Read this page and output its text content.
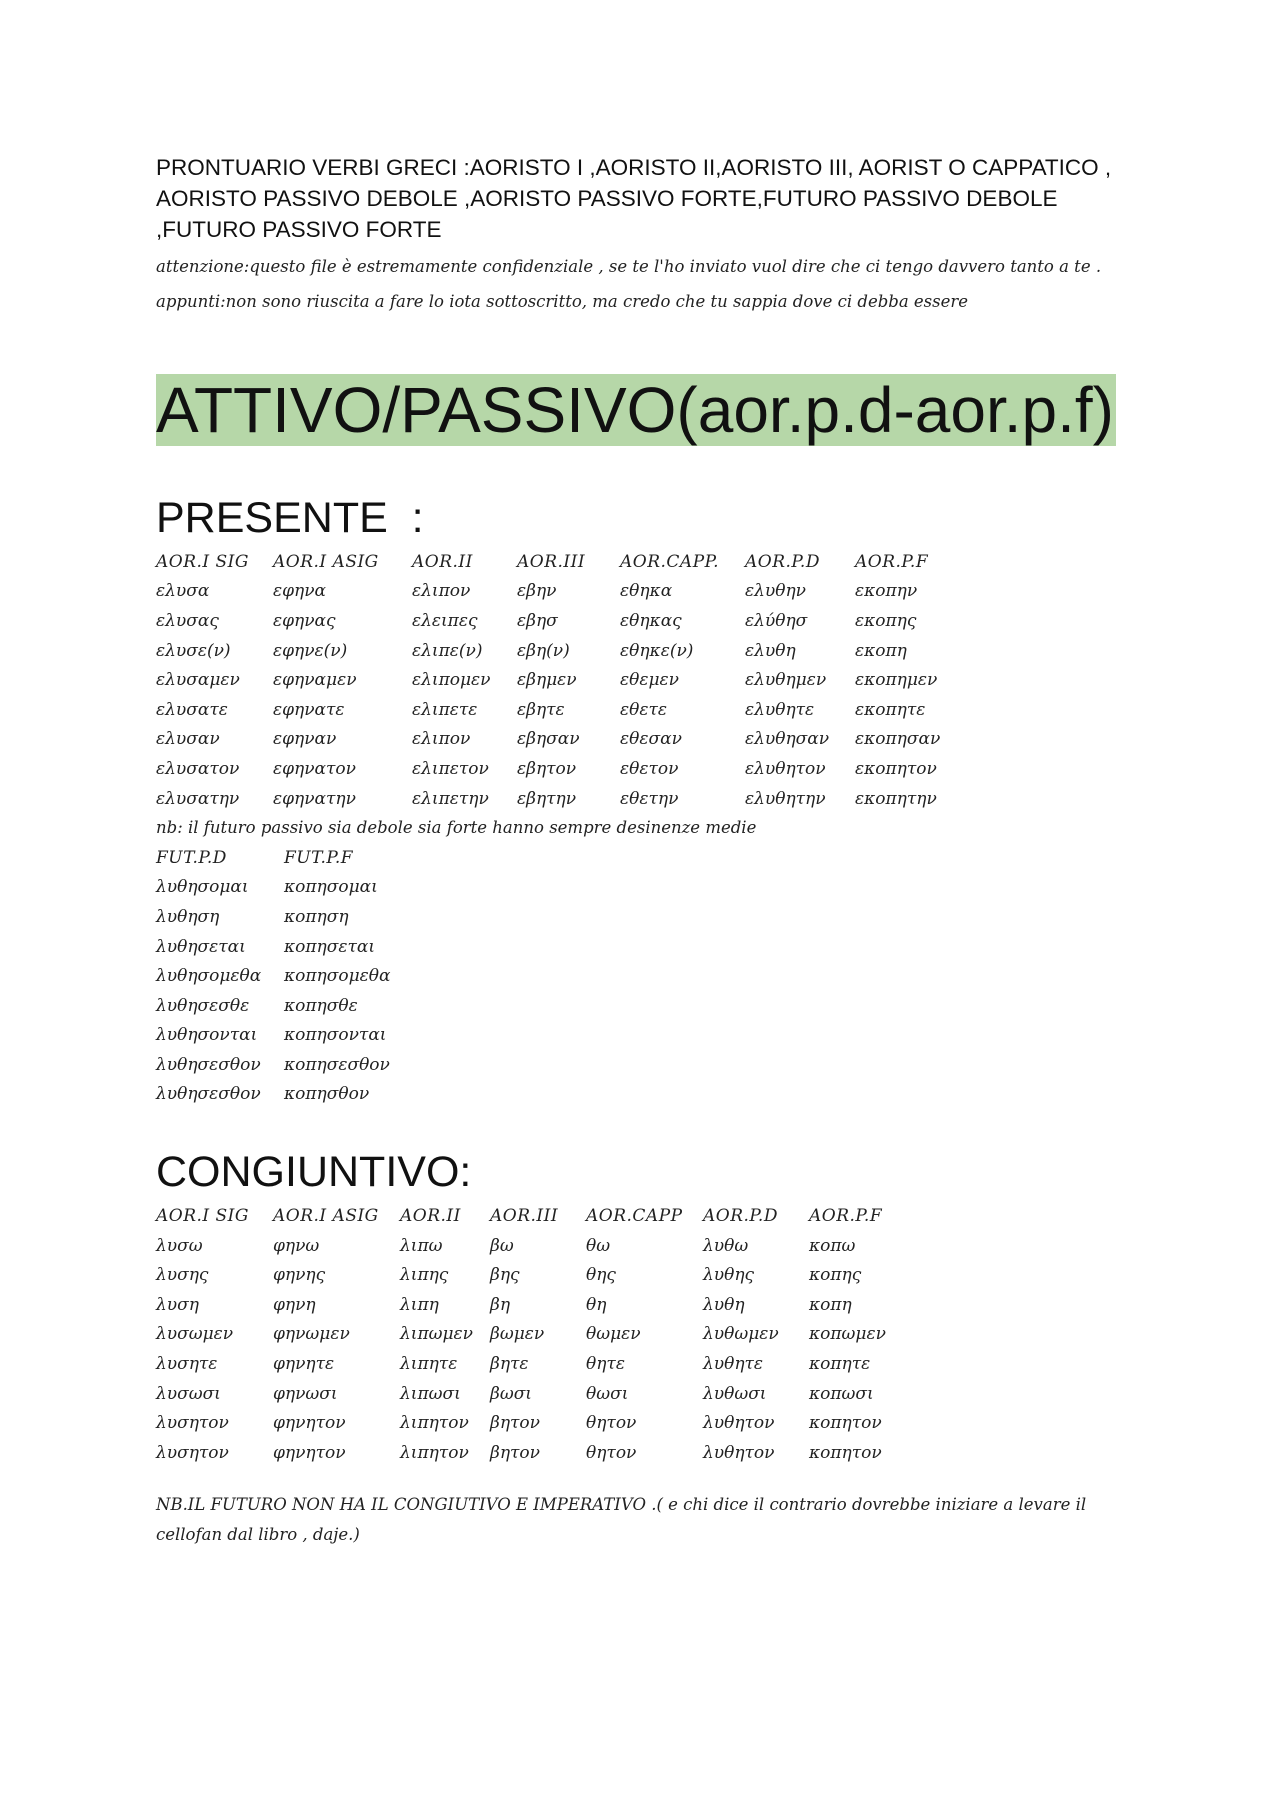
PRONTUARIO VERBI GRECI :AORISTO I ,AORISTO II,AORISTO III, AORIST O CAPPATICO , AORISTO PASSIVO DEBOLE ,AORISTO PASSIVO FORTE,FUTURO PASSIVO DEBOLE ,FUTURO PASSIVO FORTE

attenzione:questo file è estremamente confidenziale , se te l'ho inviato vuol dire che ci tengo davvero tanto a te .

appunti:non sono riuscita a fare lo iota sottoscritto, ma credo che tu sappia dove ci debba essere

ATTIVO/PASSIVO(aor.p.d-aor.p.f)
PRESENTE  :
AOR.I SIG	AOR.I ASIG	AOR.II	AOR.III	AOR.CAPP.	AOR.P.D	AOR.P.F
ελυσα	εφηνα	ελιπον	εβην	εθηκα	ελυθην	εκοπην
ελυσας	εφηνας	ελειπες	εβησ	εθηκας	ελύθησ	εκοπης
ελυσε(ν)	εφηνε(ν)	ελιπε(ν)	εβη(ν)	εθηκε(ν)	ελυθη	εκοπη
ελυσαμεν	εφηναμεν	ελιπομεν	εβημεν	εθεμεν	ελυθημεν	εκοπημεν
ελυσατε	εφηνατε	ελιπετε	εβητε	εθετε	ελυθητε	εκοπητε
ελυσαν	εφηναν	ελιπον	εβησαν	εθεσαν	ελυθησαν	εκοπησαν
ελυσατον	εφηνατον	ελιπετον	εβητον	εθετον	ελυθητον	εκοπητον
ελυσατην	εφηνατην	ελιπετην	εβητην	εθετην	ελυθητην	εκοπητην

nb: il futuro passivo sia debole sia forte hanno sempre desinenze medie

FUT.P.D	FUT.P.F
λυθησομαι	κοπησομαι
λυθηση	κοπηση
λυθησεται	κοπησεται
λυθησομεθα	κοπησομεθα
λυθησεσθε	κοπησθε
λυθησονται	κοπησονται
λυθησεσθον	κοπησεσθον
λυθησεσθον	κοπησθον
CONGIUNTIVO:
AOR.I SIG	AOR.I ASIG	AOR.II	AOR.III	AOR.CAPP	AOR.P.D	AOR.P.F
λυσω	φηνω	λιπω	βω	θω	λυθω	κοπω
λυσης	φηνης	λιπης	βης	θης	λυθης	κοπης
λυση	φηνη	λιπη	βη	θη	λυθη	κοπη
λυσωμεν	φηνωμεν	λιπωμεν	βωμεν	θωμεν	λυθωμεν	κοπωμεν
λυσητε	φηνητε	λιπητε	βητε	θητε	λυθητε	κοπητε
λυσωσι	φηνωσι	λιπωσι	βωσι	θωσι	λυθωσι	κοπωσι
λυσητον	φηνητον	λιπητον	βητον	θητον	λυθητον	κοπητον
λυσητον	φηνητον	λιπητον	βητον	θητον	λυθητον	κοπητον

NB.IL FUTURO NON HA IL CONGIUTIVO E IMPERATIVO .( e chi dice il contrario dovrebbe iniziare a levare il cellofan dal libro , daje.)
